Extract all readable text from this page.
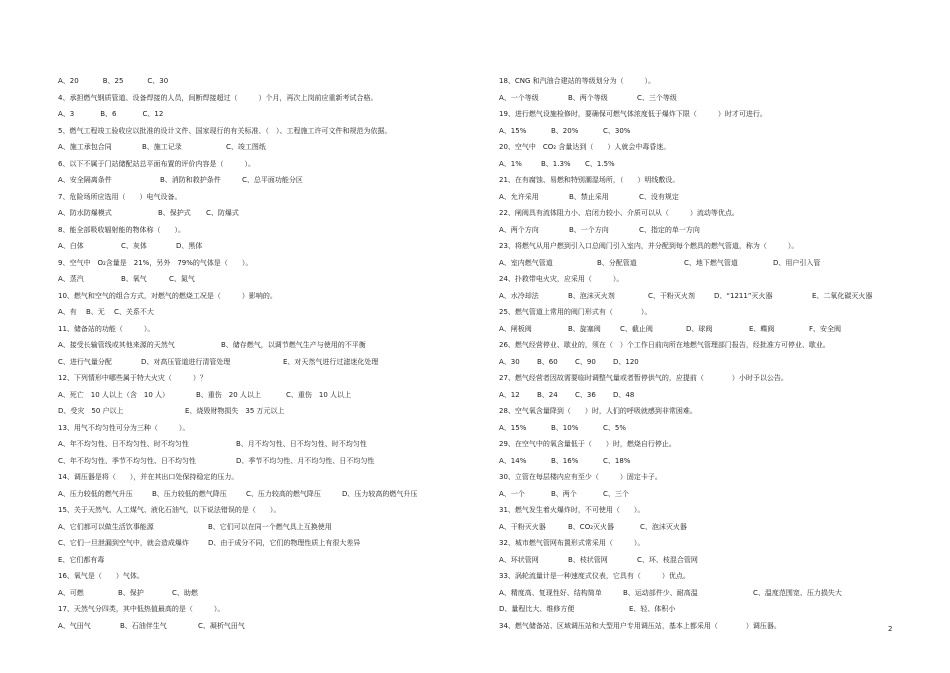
A、20	B、25	C、30
4、承担燃气钢质管道、设备焊接的人员，间断焊接超过（　　　）个月，再次上岗前应重新考试合格。
A、3	B、6	C、12
5、燃气工程竣工验收应以批准的设计文件、国家现行的有关标准、（　）、工程施工许可文件和规范为依据。
A、施工承包合同	B、施工记录	C、竣工图纸
6、以下不属于门站储配站总平面布置的评价内容是（　　　）。
A、安全隔离条件	B、消防和救护条件	C、总平面功能分区
7、危险场所应选用（　　）电气设备。
A、防水防爆模式	B、保护式 C、防爆式
8、能全部吸收辐射能的物体称（　　）。
A、白体	C、灰体	D、黑体
9、空气中　O₂含量是　21%，另外　79%的气体是（　　）。
A、蒸汽	B、氧气	C、氮气
10、燃气和空气的组合方式，对燃气的燃烧工况是（　　　）影响的。
A、有 B、无 C、关系不大
11、储备站的功能（　　　）。
A、接受长输管线或其他来源的天然气	B、储存燃气，以调节燃气生产与使用的不平衡
C、进行气量分配	D、对高压管道进行清管处理	E、对天然气进行过滤迷化处理
12、下列情形中哪些属于特大火灾（　　　）？
A、死亡　10 人以上（含　10 人）	B、重伤　20 人以上	C、重伤　10 人以上
D、受灾　50 户以上	E、烧毁财物损失　35 万元以上
13、用气不均匀性可分为三种（　　　）。
A、年不均匀性、日不均匀性、时不均匀性	B、月不均匀性、日不均匀性、时不均匀性
C、年不均匀性、季节不均匀性、日不均匀性	D、季节不均匀性、月不均匀性、日不均匀性
14、调压器是将（　　），并在其出口处保持稳定的压力。
A、压力较低的燃气升压	B、压力较低的燃气降压	C、压力较高的燃气降压	D、压力较高的燃气升压
15、关于天然气、人工煤气、液化石油气，以下说法错误的是（　　）。
A、它们都可以做生活饮事能源	B、它们可以在同一个燃气具上互换使用
C、它们一旦泄漏到空气中，就会造成爆炸	D、由于成分不同，它们的物理性质上有很大差异
E、它们都有毒
16、氧气是（　　）气体。
A、可燃	B、保护	C、助燃
17、天然气分四类，其中低热值最高的是（　　　）。
A、气田气	B、石油伴生气	C、凝析气田气
18、CNG 和汽油合建站的等级划分为（　　　）。
A、一个等级	B、两个等级	C、三个等级
19、进行燃气设施检修时，要确保可燃气体浓度低于爆炸下限（　　　）时才可进行。
A、15%	B、20%	C、30%
20、空气中　CO₂ 含量达到（　　）人就会中毒昏迷。
A、1%	B、1.3% C、1.5%
21、在有腐蚀、易燃和特别潮湿场所，（　　）明线敷设。
A、允许采用	B、禁止采用	C、没有规定
22、闸阀具有流体阻力小、启闭力较小、介质可以从（　　　）流动等优点。
A、两个方向	B、一个方向	C、指定的单一方向
23、将燃气从用户燃到引入口总阀门引入室内，并分配到每个燃具的燃气管道，称为（　　　）。
A、室内燃气管道	B、分配管道	C、地下燃气管道	D、用户引入管
24、扑救带电火灾，应采用（　　　）。
A、水冷却法	B、泡沫灭火剂	C、干粉灭火剂	D、“1211”灭火器	E、二氧化碳灭火器
25、燃气管道上常用的阀门形式有（　　　　）。
A、闸板阀	B、旋塞阀	C、截止阀	D、球阀	E、蝶阀	F、安全阀
26、燃气经营停业、歇业的，须在（　）个工作日前向所在地燃气管理部门报告，经批准方可停业、歇业。
A、30 B、60 C、90 D、120
27、燃气经营者因故需要临时调整气量或者暂停供气的，应提前（　　　　）小时予以公告。
A、12 B、24 C、36 D、48
28、空气氧含量降到（　　）时，人们的呼吸就感到非常困难。
A、15%	B、10%	C、5%
29、在空气中的氧含量低于（　　）时，燃烧自行停止。
A、14%	B、16%	C、18%
30、立管在每层楼内应有至少（　　　）固定卡子。
A、一个	B、两个	C、三个
31、燃气发生着火爆炸时，不可使用（　　）。
A、干粉灭火器	B、CO₂灭火器	C、泡沫灭火器
32、城市燃气管网布置形式常采用（　　　）。
A、环状管网	B、枝状管网	C、环、枝混合管网
33、涡轮流量计是一种速度式仪表，它具有（　　　）优点。
A、精度高、复现性好、结构简单	B、运动部件少、耐高温	C、温度范围宽、压力损失大
D、量程比大、维修方便	E、轻、体积小
34、燃气储备站、区域调压站和大型用户专用调压站，基本上都采用（　　　　）调压器。	2
